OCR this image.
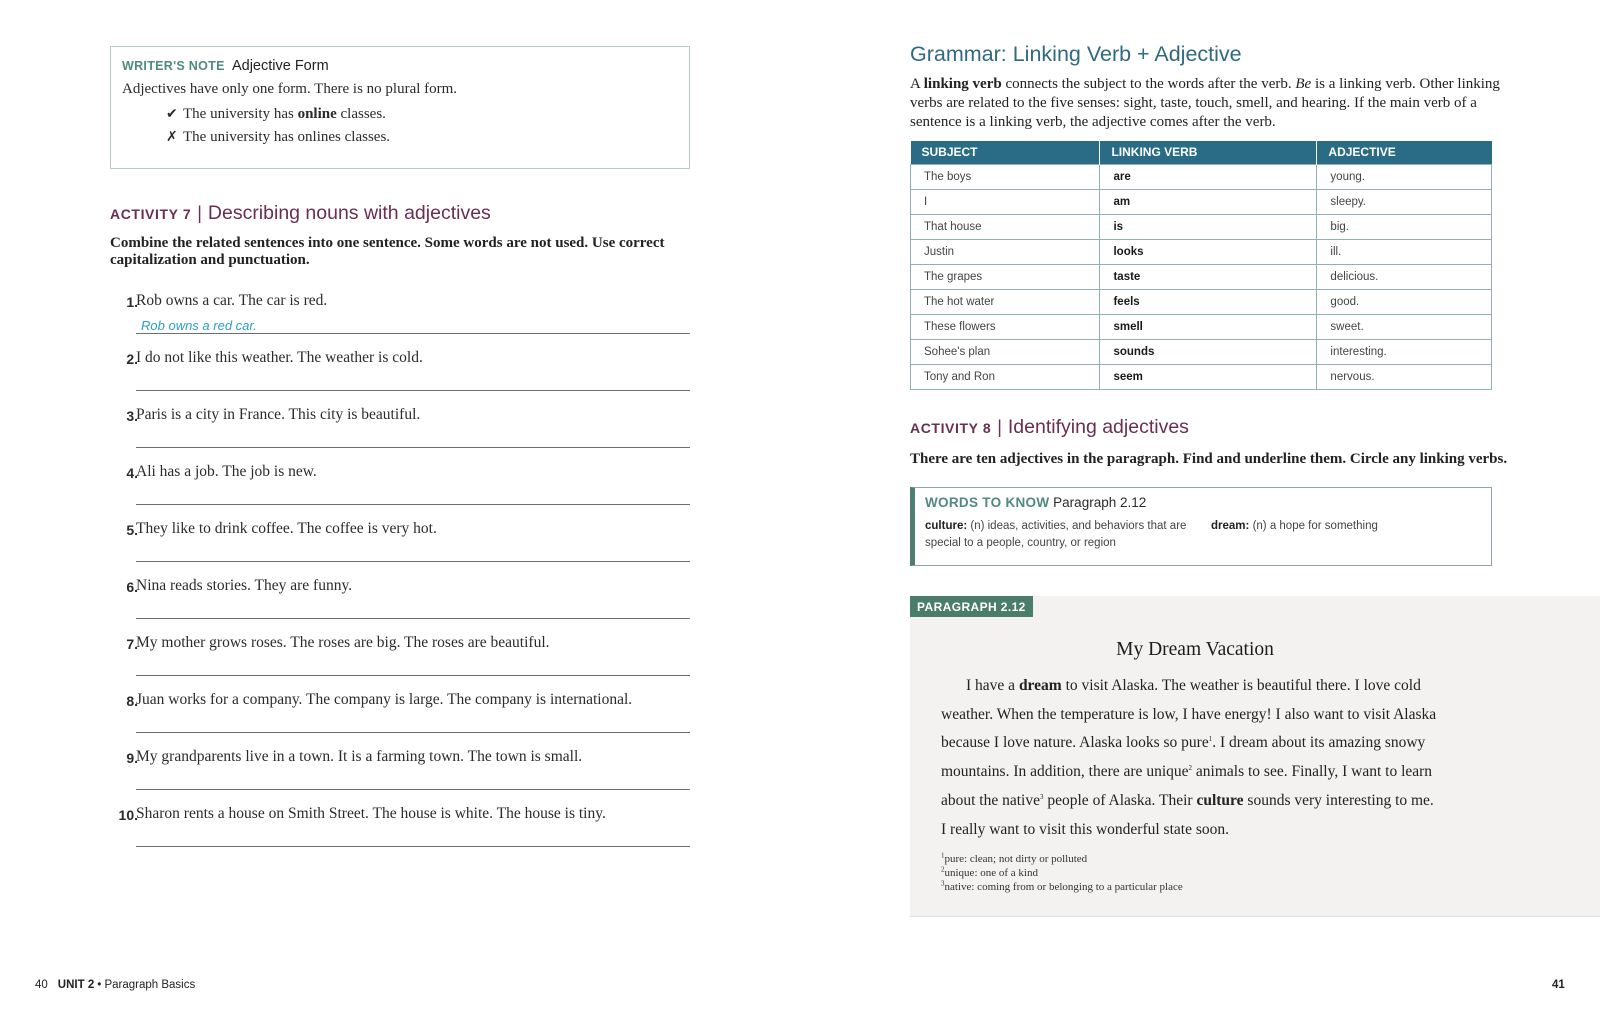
WRITER'S NOTE Adjective Form
Adjectives have only one form. There is no plural form.
✔ The university has online classes.
✗ The university has onlines classes.
ACTIVITY 7 | Describing nouns with adjectives
Combine the related sentences into one sentence. Some words are not used. Use correct capitalization and punctuation.
1.
Rob owns a car. The car is red.
Rob owns a red car.
2.
I do not like this weather. The weather is cold.
3.
Paris is a city in France. This city is beautiful.
4.
Ali has a job. The job is new.
5.
They like to drink coffee. The coffee is very hot.
6.
Nina reads stories. They are funny.
7.
My mother grows roses. The roses are big. The roses are beautiful.
8.
Juan works for a company. The company is large. The company is international.
9.
My grandparents live in a town. It is a farming town. The town is small.
10.
Sharon rents a house on Smith Street. The house is white. The house is tiny.
40 UNIT 2 • Paragraph Basics
Grammar: Linking Verb + Adjective
A linking verb connects the subject to the words after the verb. Be is a linking verb. Other linking verbs are related to the five senses: sight, taste, touch, smell, and hearing. If the main verb of a sentence is a linking verb, the adjective comes after the verb.
SUBJECT	LINKING VERB	ADJECTIVE
The boys	are	young.
I	am	sleepy.
That house	is	big.
Justin	looks	ill.
The grapes	taste	delicious.
The hot water	feels	good.
These flowers	smell	sweet.
Sohee's plan	sounds	interesting.
Tony and Ron	seem	nervous.
ACTIVITY 8 | Identifying adjectives
There are ten adjectives in the paragraph. Find and underline them. Circle any linking verbs.
WORDS TO KNOW Paragraph 2.12
culture: (n) ideas, activities, and behaviors that are special to a people, country, or region
dream: (n) a hope for something
PARAGRAPH 2.12
My Dream Vacation
I have a dream to visit Alaska. The weather is beautiful there. I love cold weather. When the temperature is low, I have energy! I also want to visit Alaska because I love nature. Alaska looks so pure$^1$. I dream about its amazing snowy mountains. In addition, there are unique$^2$ animals to see. Finally, I want to learn about the native$^3$ people of Alaska. Their culture sounds very interesting to me. I really want to visit this wonderful state soon.
$^1$pure: clean; not dirty or polluted
$^2$unique: one of a kind
$^3$native: coming from or belonging to a particular place
41
